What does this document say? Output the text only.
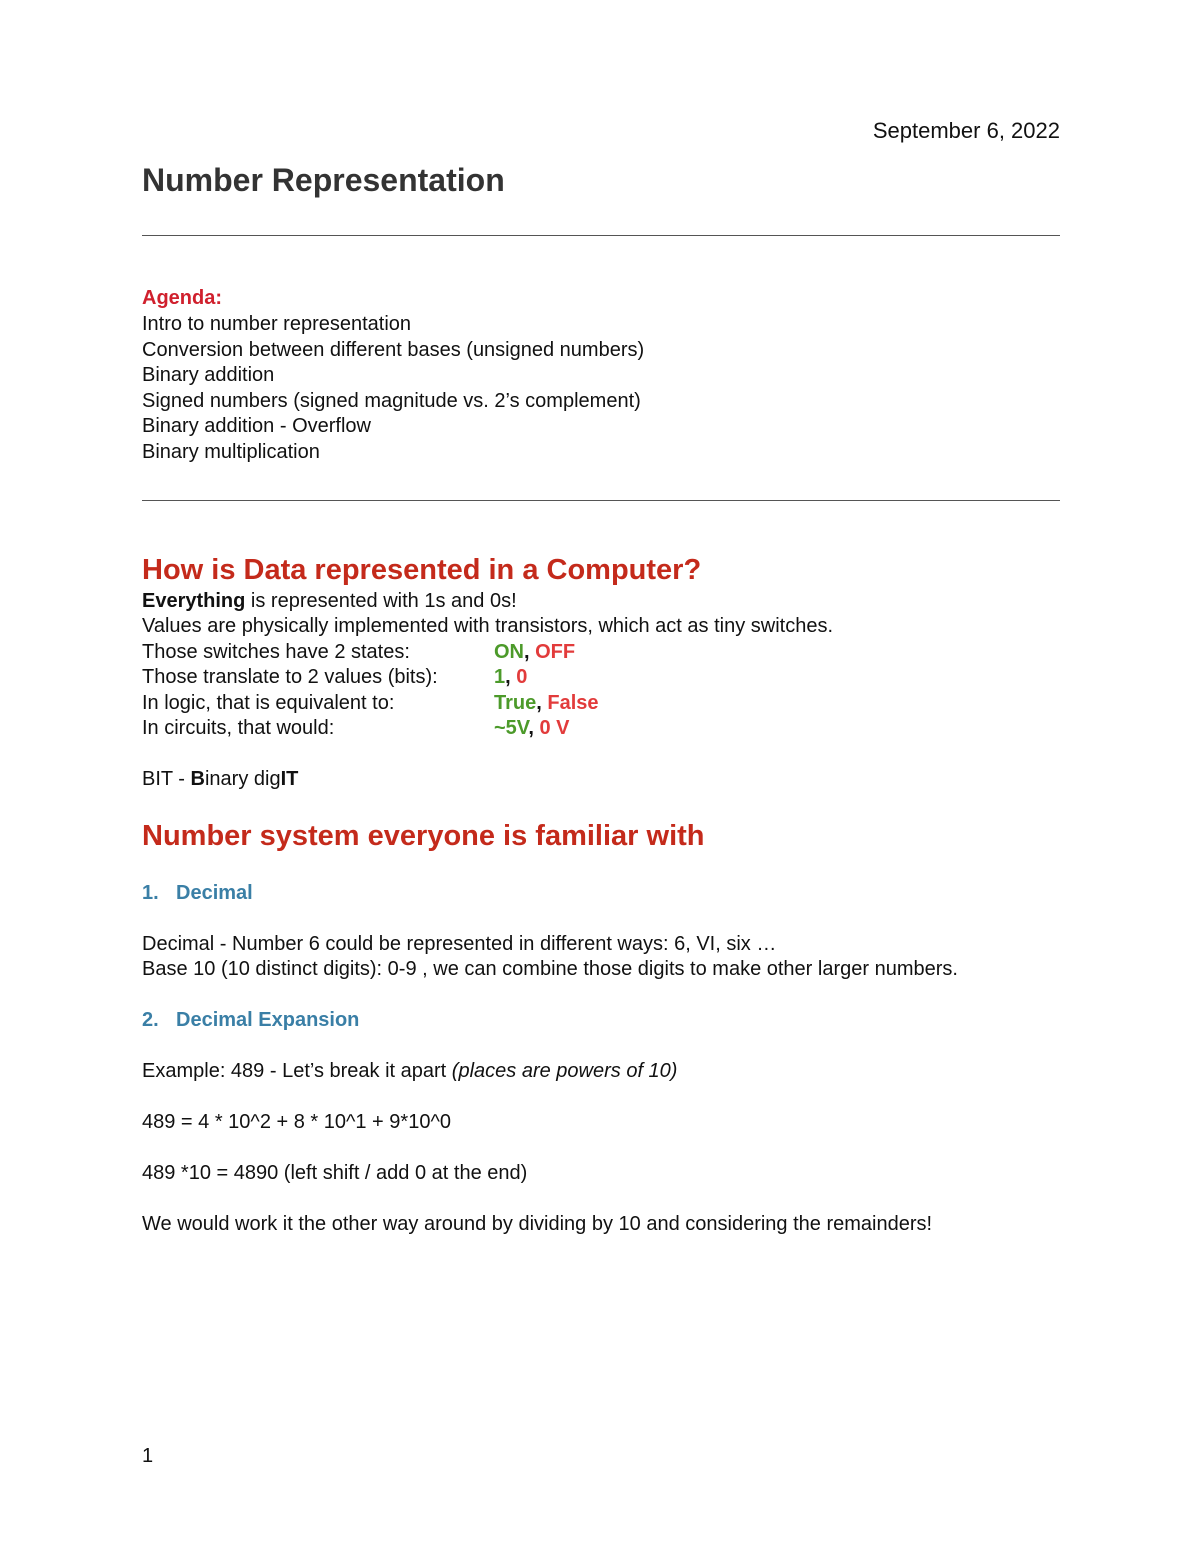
September 6, 2022
Number Representation
Agenda:
Intro to number representation
Conversion between different bases (unsigned numbers)
Binary addition
Signed numbers (signed magnitude vs. 2’s complement)
Binary addition - Overflow
Binary multiplication
How is Data represented in a Computer?
Everything is represented with 1s and 0s!
Values are physically implemented with transistors, which act as tiny switches.
Those switches have 2 states:	ON, OFF
Those translate to 2 values (bits):	1, 0
In logic, that is equivalent to:	True, False
In circuits, that would:	~5V, 0 V
BIT - Binary digIT
Number system everyone is familiar with
1. Decimal
Decimal - Number 6 could be represented in different ways: 6, VI, six …
Base 10 (10 distinct digits): 0-9 , we can combine those digits to make other larger numbers.
2. Decimal Expansion
Example: 489 - Let’s break it apart (places are powers of 10)
489 = 4 * 10^2 + 8 * 10^1 + 9*10^0
489 *10 = 4890 (left shift / add 0 at the end)
We would work it the other way around by dividing by 10 and considering the remainders!
1
